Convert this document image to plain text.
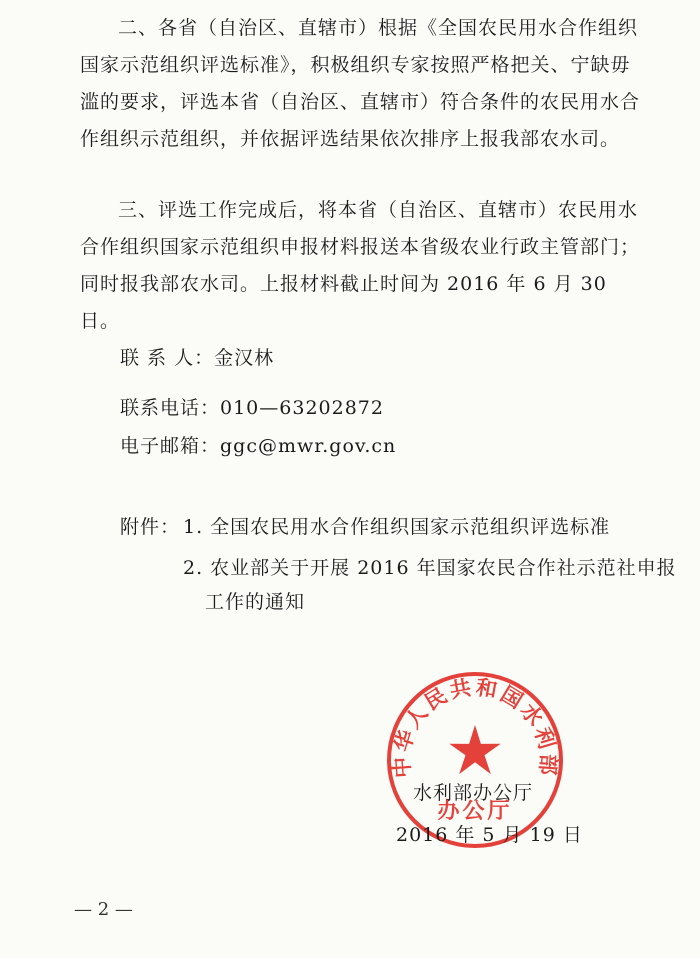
二、各省（自治区、直辖市）根据《全国农民用水合作组织国家示范组织评选标准》，积极组织专家按照严格把关、宁缺毋滥的要求，评选本省（自治区、直辖市）符合条件的农民用水合作组织示范组织，并依据评选结果依次排序上报我部农水司。

三、评选工作完成后，将本省（自治区、直辖市）农民用水合作组织国家示范组织申报材料报送本省级农业行政主管部门；同时报我部农水司。上报材料截止时间为 2016 年 6 月 30 日。

联 系 人：金汉林
联系电话：010—63202872
电子邮箱：ggc@mwr.gov.cn
附件： 1. 全国农民用水合作组织国家示范组织评选标准
2. 农业部关于开展 2016 年国家农民合作社示范社申报
工作的通知
中华人民共和国水利部
办公厅
水利部办公厅
2016 年 5 月 19 日
— 2 —
